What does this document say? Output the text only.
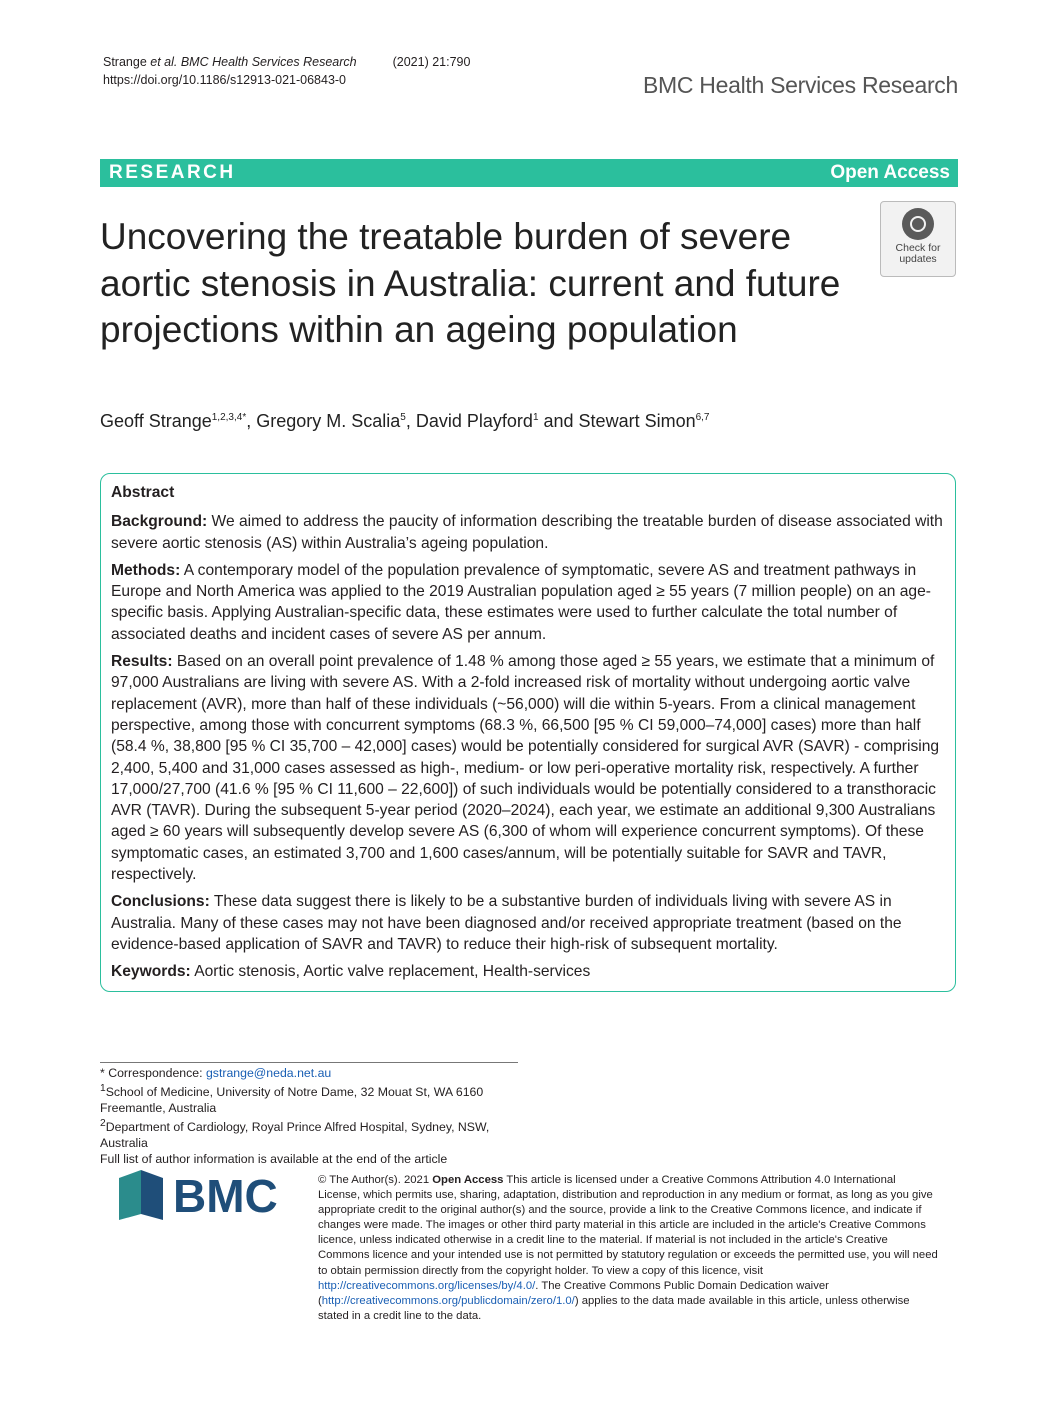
Strange et al. BMC Health Services Research	(2021) 21:790
https://doi.org/10.1186/s12913-021-06843-0	BMC Health Services Research
RESEARCH	Open Access
Uncovering the treatable burden of severe aortic stenosis in Australia: current and future projections within an ageing population
Check for
updates
Geoff Strange$^{1,2,3,4*}$, Gregory M. Scalia$^5$, David Playford$^1$ and Stewart Simon$^{6,7}$
Abstract

Background: We aimed to address the paucity of information describing the treatable burden of disease associated with severe aortic stenosis (AS) within Australia’s ageing population.

Methods: A contemporary model of the population prevalence of symptomatic, severe AS and treatment pathways in Europe and North America was applied to the 2019 Australian population aged ≥ 55 years (7 million people) on an age-specific basis. Applying Australian-specific data, these estimates were used to further calculate the total number of associated deaths and incident cases of severe AS per annum.

Results: Based on an overall point prevalence of 1.48 % among those aged ≥ 55 years, we estimate that a minimum of 97,000 Australians are living with severe AS. With a 2-fold increased risk of mortality without undergoing aortic valve replacement (AVR), more than half of these individuals (~56,000) will die within 5-years. From a clinical management perspective, among those with concurrent symptoms (68.3 %, 66,500 [95 % CI 59,000–74,000] cases) more than half (58.4 %, 38,800 [95 % CI 35,700 – 42,000] cases) would be potentially considered for surgical AVR (SAVR) - comprising 2,400, 5,400 and 31,000 cases assessed as high-, medium- or low peri-operative mortality risk, respectively. A further 17,000/27,700 (41.6 % [95 % CI 11,600 – 22,600]) of such individuals would be potentially considered to a transthoracic AVR (TAVR). During the subsequent 5-year period (2020–2024), each year, we estimate an additional 9,300 Australians aged ≥ 60 years will subsequently develop severe AS (6,300 of whom will experience concurrent symptoms). Of these symptomatic cases, an estimated 3,700 and 1,600 cases/annum, will be potentially suitable for SAVR and TAVR, respectively.

Conclusions: These data suggest there is likely to be a substantive burden of individuals living with severe AS in Australia. Many of these cases may not have been diagnosed and/or received appropriate treatment (based on the evidence-based application of SAVR and TAVR) to reduce their high-risk of subsequent mortality.

Keywords: Aortic stenosis, Aortic valve replacement, Health-services

* Correspondence: gstrange@neda.net.au
$^1$School of Medicine, University of Notre Dame, 32 Mouat St, WA 6160 Freemantle, Australia
$^2$Department of Cardiology, Royal Prince Alfred Hospital, Sydney, NSW, Australia
Full list of author information is available at the end of the article
BMC	© The Author(s). 2021 Open Access This article is licensed under a Creative Commons Attribution 4.0 International License, which permits use, sharing, adaptation, distribution and reproduction in any medium or format, as long as you give appropriate credit to the original author(s) and the source, provide a link to the Creative Commons licence, and indicate if changes were made. The images or other third party material in this article are included in the article's Creative Commons licence, unless indicated otherwise in a credit line to the material. If material is not included in the article's Creative Commons licence and your intended use is not permitted by statutory regulation or exceeds the permitted use, you will need to obtain permission directly from the copyright holder. To view a copy of this licence, visit http://creativecommons.org/licenses/by/4.0/. The Creative Commons Public Domain Dedication waiver (http://creativecommons.org/publicdomain/zero/1.0/) applies to the data made available in this article, unless otherwise stated in a credit line to the data.
